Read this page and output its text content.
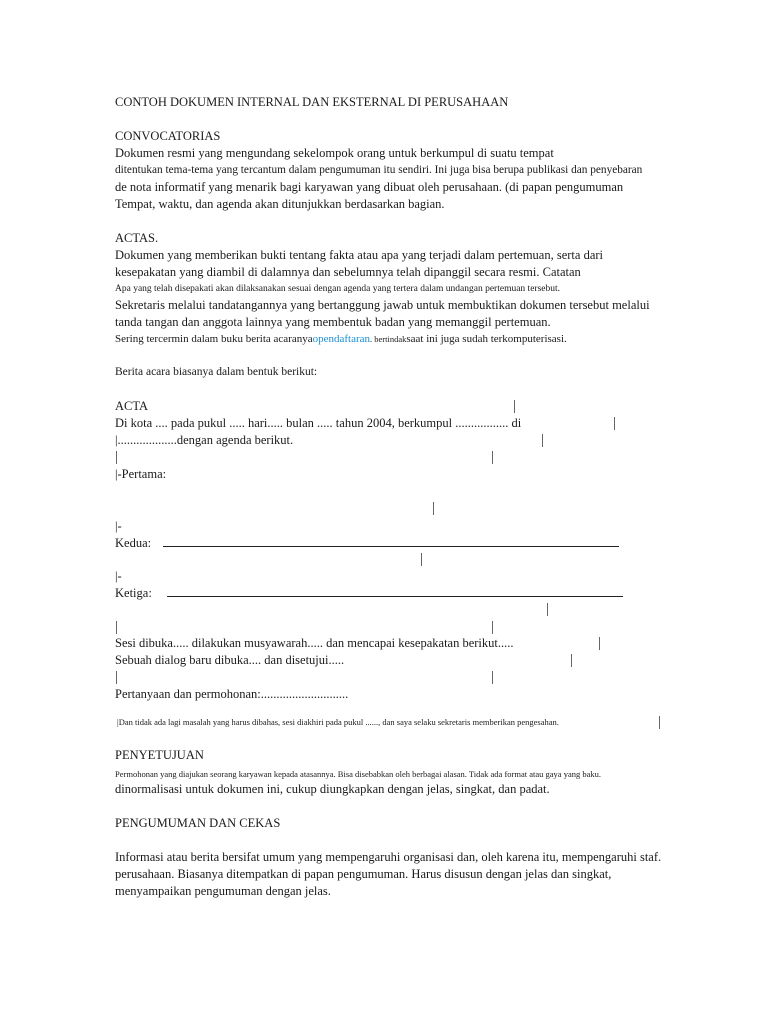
CONTOH DOKUMEN INTERNAL DAN EKSTERNAL DI PERUSAHAAN
CONVOCATORIAS
Dokumen resmi yang mengundang sekelompok orang untuk berkumpul di suatu tempat
ditentukan tema-tema yang tercantum dalam pengumuman itu sendiri. Ini juga bisa berupa publikasi dan penyebaran
de nota informatif yang menarik bagi karyawan yang dibuat oleh perusahaan. (di papan pengumuman
Tempat, waktu, dan agenda akan ditunjukkan berdasarkan bagian.
ACTAS.
Dokumen yang memberikan bukti tentang fakta atau apa yang terjadi dalam pertemuan, serta dari
kesepakatan yang diambil di dalamnya dan sebelumnya telah dipanggil secara resmi. Catatan
Apa yang telah disepakati akan dilaksanakan sesuai dengan agenda yang tertera dalam undangan pertemuan tersebut.
Sekretaris melalui tandatangannya yang bertanggung jawab untuk membuktikan dokumen tersebut melalui
tanda tangan dan anggota lainnya yang membentuk badan yang memanggil pertemuan.
Sering tercermin dalam buku berita acaranyaopendaftaran. bertindaksaat ini juga sudah terkomputerisasi.
Berita acara biasanya dalam bentuk berikut:
ACTA
Di kota .... pada pukul ..... hari..... bulan ..... tahun 2004, berkumpul ................. di
|...................dengan agenda berikut.
|-Pertama:
|-
Kedua:
|-
Ketiga:
Sesi dibuka..... dilakukan musyawarah..... dan mencapai kesepakatan berikut.....
Sebuah dialog baru dibuka.... dan disetujui.....
Pertanyaan dan permohonan:............................
|Dan tidak ada lagi masalah yang harus dibahas, sesi diakhiri pada pukul ......, dan saya selaku sekretaris memberikan pengesahan.
PENYETUJUAN
Permohonan yang diajukan seorang karyawan kepada atasannya. Bisa disebabkan oleh berbagai alasan. Tidak ada format atau gaya yang baku.
dinormalisasi untuk dokumen ini, cukup diungkapkan dengan jelas, singkat, dan padat.
PENGUMUMAN DAN CEKAS
Informasi atau berita bersifat umum yang mempengaruhi organisasi dan, oleh karena itu, mempengaruhi staf.
perusahaan. Biasanya ditempatkan di papan pengumuman. Harus disusun dengan jelas dan singkat,
menyampaikan pengumuman dengan jelas.
